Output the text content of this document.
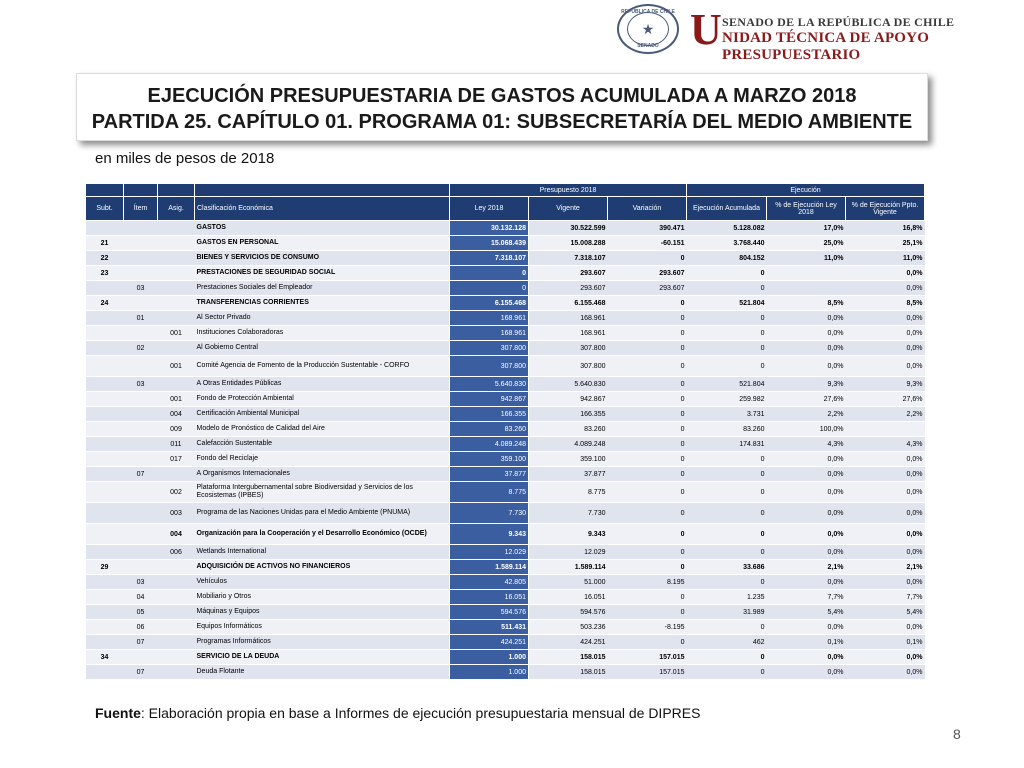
REPÚBLICA DE CHILE
★
SENADO U SENADO DE LA REPÚBLICA DE CHILE
NIDAD TÉCNICA DE APOYO PRESUPUESTARIO
EJECUCIÓN PRESUPUESTARIA DE GASTOS ACUMULADA A MARZO 2018
PARTIDA 25. CAPÍTULO 01. PROGRAMA 01: SUBSECRETARÍA DEL MEDIO AMBIENTE
en miles de pesos de 2018
				Presupuesto 2018			Ejecución		
Subt.	Ítem	Asig.	Clasificación Económica	Ley 2018	Vigente	Variación	Ejecución Acumulada	% de Ejecución Ley 2018	% de Ejecución Ppto. Vigente
			GASTOS	30.132.128	30.522.599	390.471	5.128.082	17,0%	16,8%
21			GASTOS EN PERSONAL	15.068.439	15.008.288	-60.151	3.768.440	25,0%	25,1%
22			BIENES Y SERVICIOS DE CONSUMO	7.318.107	7.318.107	0	804.152	11,0%	11,0%
23			PRESTACIONES DE SEGURIDAD SOCIAL	0	293.607	293.607	0		0,0%
	03		Prestaciones Sociales del Empleador	0	293.607	293.607	0		0,0%
24			TRANSFERENCIAS CORRIENTES	6.155.468	6.155.468	0	521.804	8,5%	8,5%
	01		Al Sector Privado	168.961	168.961	0	0	0,0%	0,0%
		001	Instituciones Colaboradoras	168.961	168.961	0	0	0,0%	0,0%
	02		Al Gobierno Central	307.800	307.800	0	0	0,0%	0,0%
		001	Comité Agencia de Fomento de la Producción Sustentable - CORFO	307.800	307.800	0	0	0,0%	0,0%
	03		A Otras Entidades Públicas	5.640.830	5.640.830	0	521.804	9,3%	9,3%
		001	Fondo de Protección Ambiental	942.867	942.867	0	259.982	27,6%	27,6%
		004	Certificación Ambiental Municipal	166.355	166.355	0	3.731	2,2%	2,2%
		009	Modelo de Pronóstico de Calidad del Aire	83.260	83.260	0	83.260	100,0%	
		011	Calefacción Sustentable	4.089.248	4.089.248	0	174.831	4,3%	4,3%
		017	Fondo del Reciclaje	359.100	359.100	0	0	0,0%	0,0%
	07		A Organismos Internacionales	37.877	37.877	0	0	0,0%	0,0%
		002	Plataforma Intergubernamental sobre Biodiversidad y Servicios de los Ecosistemas (IPBES)	8.775	8.775	0	0	0,0%	0,0%
		003	Programa de las Naciones Unidas para el Medio Ambiente (PNUMA)	7.730	7.730	0	0	0,0%	0,0%
		004	Organización para la Cooperación y el Desarrollo Económico (OCDE)	9.343	9.343	0	0	0,0%	0,0%
		006	Wetlands International	12.029	12.029	0	0	0,0%	0,0%
29			ADQUISICIÓN DE ACTIVOS NO FINANCIEROS	1.589.114	1.589.114	0	33.686	2,1%	2,1%
	03		Vehículos	42.805	51.000	8.195	0	0,0%	0,0%
	04		Mobiliario y Otros	16.051	16.051	0	1.235	7,7%	7,7%
	05		Máquinas y Equipos	594.576	594.576	0	31.989	5,4%	5,4%
	06		Equipos Informáticos	511.431	503.236	-8.195	0	0,0%	0,0%
	07		Programas Informáticos	424.251	424.251	0	462	0,1%	0,1%
34			SERVICIO DE LA DEUDA	1.000	158.015	157.015	0	0,0%	0,0%
	07		Deuda Flotante	1.000	158.015	157.015	0	0,0%	0,0%
Fuente: Elaboración propia en base a Informes de ejecución presupuestaria mensual de DIPRES
8
